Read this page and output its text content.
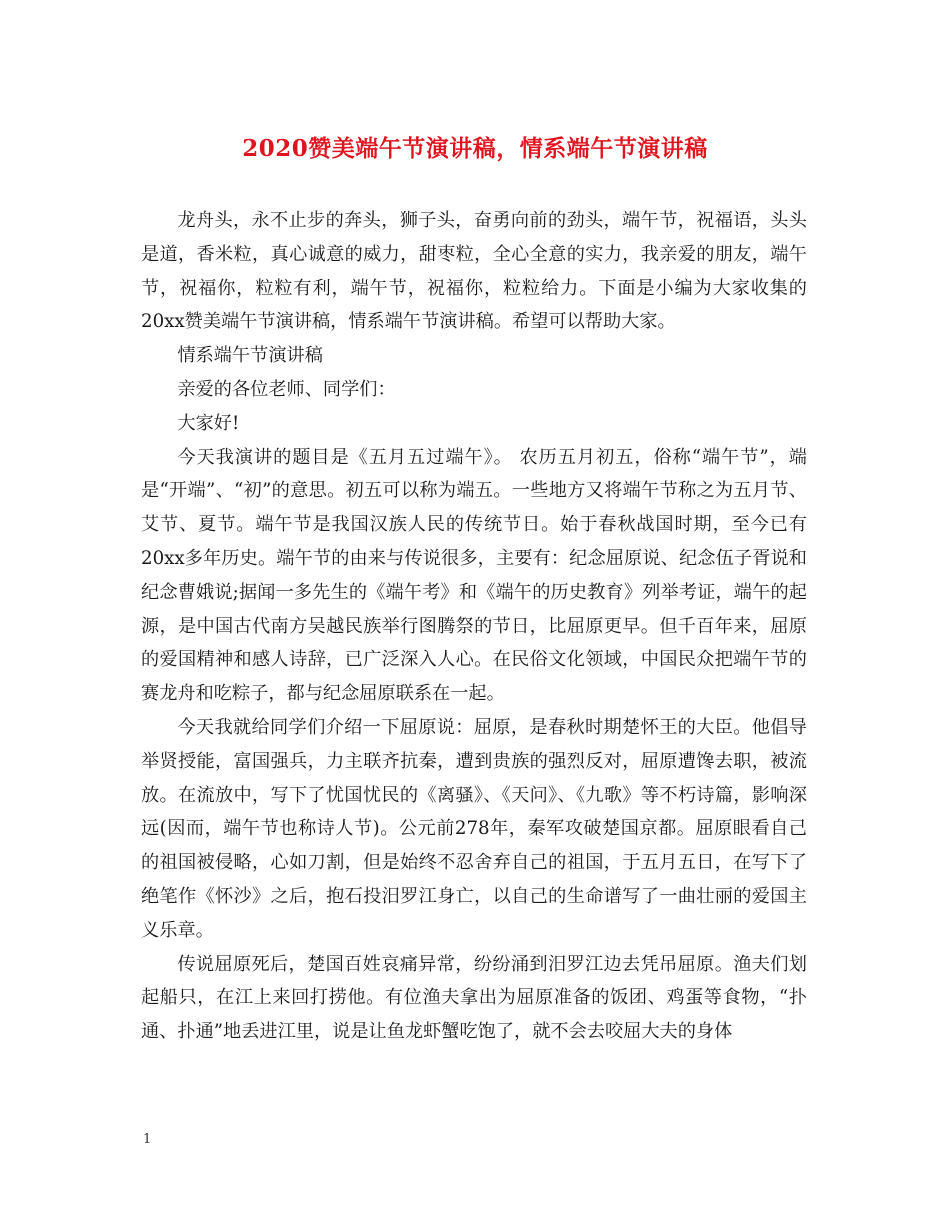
2020赞美端午节演讲稿，情系端午节演讲稿

龙舟头，永不止步的奔头，狮子头，奋勇向前的劲头，端午节，祝福语，头头是道，香米粒，真心诚意的威力，甜枣粒，全心全意的实力，我亲爱的朋友，端午节，祝福你，粒粒有利，端午节，祝福你，粒粒给力。下面是小编为大家收集的20xx赞美端午节演讲稿，情系端午节演讲稿。希望可以帮助大家。

情系端午节演讲稿

亲爱的各位老师、同学们：

大家好!

今天我演讲的题目是《五月五过端午》。 农历五月初五，俗称“端午节”，端是“开端”、“初”的意思。初五可以称为端五。一些地方又将端午节称之为五月节、艾节、夏节。端午节是我国汉族人民的传统节日。始于春秋战国时期，至今已有20xx多年历史。端午节的由来与传说很多，主要有：纪念屈原说、纪念伍子胥说和纪念曹娥说;据闻一多先生的《端午考》和《端午的历史教育》列举考证，端午的起源，是中国古代南方吴越民族举行图腾祭的节日，比屈原更早。但千百年来，屈原的爱国精神和感人诗辞，已广泛深入人心。在民俗文化领域，中国民众把端午节的赛龙舟和吃粽子，都与纪念屈原联系在一起。

今天我就给同学们介绍一下屈原说：屈原，是春秋时期楚怀王的大臣。他倡导举贤授能，富国强兵，力主联齐抗秦，遭到贵族的强烈反对，屈原遭馋去职，被流放。在流放中，写下了忧国忧民的《离骚》、《天问》、《九歌》等不朽诗篇，影响深远(因而，端午节也称诗人节)。公元前278年，秦军攻破楚国京都。屈原眼看自己的祖国被侵略，心如刀割，但是始终不忍舍弃自己的祖国，于五月五日，在写下了绝笔作《怀沙》之后，抱石投汨罗江身亡，以自己的生命谱写了一曲壮丽的爱国主义乐章。

传说屈原死后，楚国百姓哀痛异常，纷纷涌到汨罗江边去凭吊屈原。渔夫们划起船只，在江上来回打捞他。有位渔夫拿出为屈原准备的饭团、鸡蛋等食物，“扑通、扑通”地丢进江里，说是让鱼龙虾蟹吃饱了，就不会去咬屈大夫的身体

1
